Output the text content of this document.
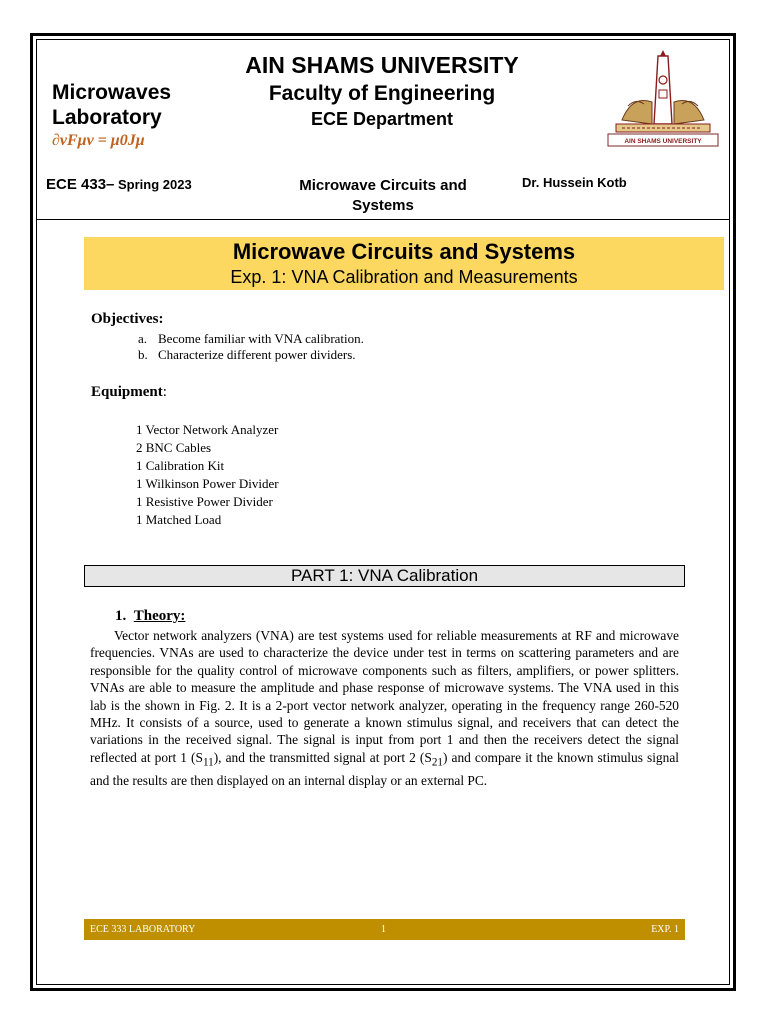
Microwaves
Laboratory
∂νFμν = μ0Jμ
AIN SHAMS UNIVERSITY
Faculty of Engineering
ECE Department
AIN SHAMS UNIVERSITY
ECE 433– Spring 2023	Microwave Circuits and Systems
Dr. Hussein Kotb
Microwave Circuits and Systems
Exp. 1: VNA Calibration and Measurements
Objectives:
a. Become familiar with VNA calibration.
b. Characterize different power dividers.
Equipment:
1 Vector Network Analyzer
2 BNC Cables
1 Calibration Kit
1 Wilkinson Power Divider
1 Resistive Power Divider
1 Matched Load
PART 1: VNA Calibration
1. Theory:

Vector network analyzers (VNA) are test systems used for reliable measurements at RF and microwave frequencies. VNAs are used to characterize the device under test in terms on scattering parameters and are responsible for the quality control of microwave components such as filters, amplifiers, or power splitters. VNAs are able to measure the amplitude and phase response of microwave systems. The VNA used in this lab is the shown in Fig. 2. It is a 2-port vector network analyzer, operating in the frequency range 260-520 MHz. It consists of a source, used to generate a known stimulus signal, and receivers that can detect the variations in the received signal. The signal is input from port 1 and then the receivers detect the signal reflected at port 1 $(S_{11})$, and the transmitted signal at port 2 $(S_{21})$ and compare it the known stimulus signal and the results are then displayed on an internal display or an external PC.

ECE 333 LABORATORY	1	EXP. 1
